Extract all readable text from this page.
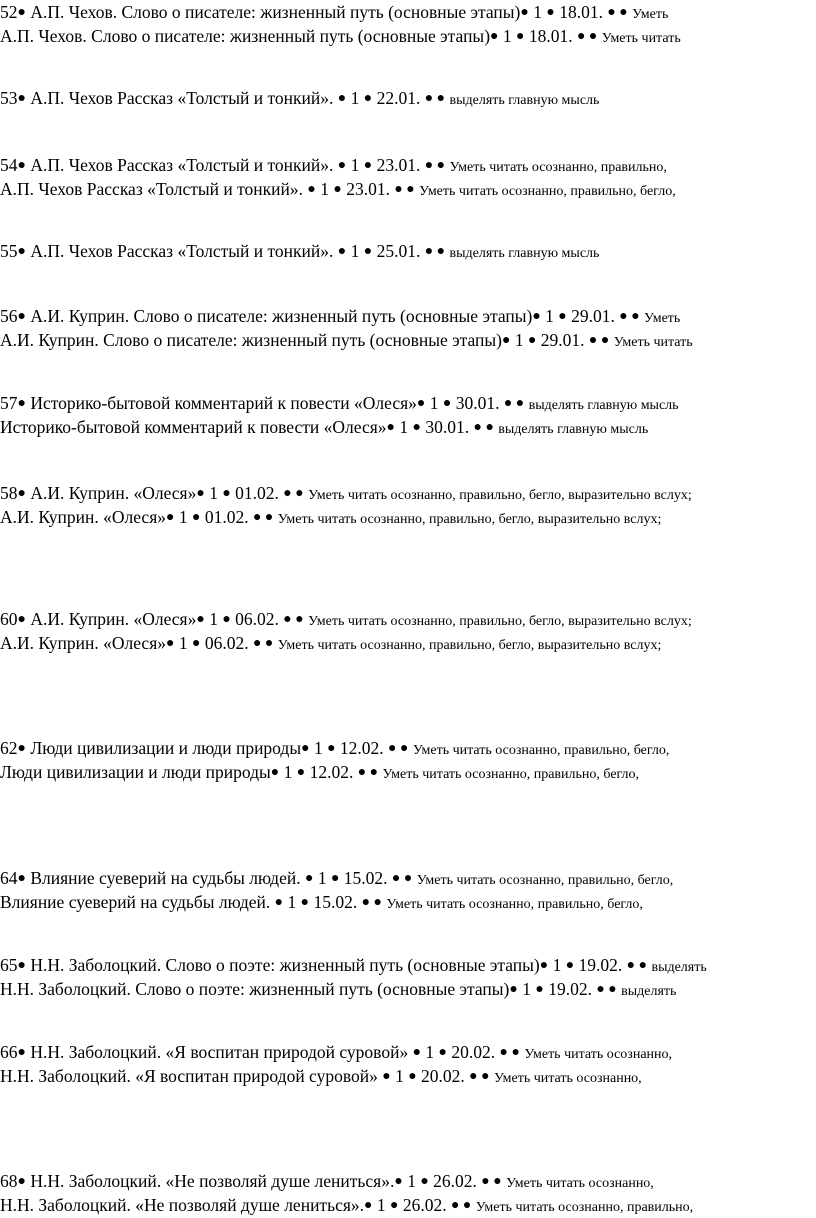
52● А.П. Чехов. Слово о писателе: жизненный путь (основные этапы)● 1 ● 18.01. ● ● Уметь
А.П. Чехов. Слово о писателе: жизненный путь (основные этапы)● 1 ● 18.01. ● ● Уметь читать
53● А.П. Чехов Рассказ «Толстый и тонкий». ● 1 ● 22.01. ● ● выделять главную мысль
54● А.П. Чехов Рассказ «Толстый и тонкий». ● 1 ● 23.01. ● ● Уметь читать осознанно, правильно,
А.П. Чехов Рассказ «Толстый и тонкий». ● 1 ● 23.01. ● ● Уметь читать осознанно, правильно, бегло,
55● А.П. Чехов Рассказ «Толстый и тонкий». ● 1 ● 25.01. ● ● выделять главную мысль
56● А.И. Куприн. Слово о писателе: жизненный путь (основные этапы)● 1 ● 29.01. ● ● Уметь
А.И. Куприн. Слово о писателе: жизненный путь (основные этапы)● 1 ● 29.01. ● ● Уметь читать
57● Историко-бытовой комментарий к повести «Олеся»● 1 ● 30.01. ● ● выделять главную мысль
Историко-бытовой комментарий к повести «Олеся»● 1 ● 30.01. ● ● выделять главную мысль
58● А.И. Куприн. «Олеся»● 1 ● 01.02. ● ● Уметь читать осознанно, правильно, бегло, выразительно вслух;
А.И. Куприн. «Олеся»● 1 ● 01.02. ● ● Уметь читать осознанно, правильно, бегло, выразительно вслух;
60● А.И. Куприн. «Олеся»● 1 ● 06.02. ● ● Уметь читать осознанно, правильно, бегло, выразительно вслух;
А.И. Куприн. «Олеся»● 1 ● 06.02. ● ● Уметь читать осознанно, правильно, бегло, выразительно вслух;
62● Люди цивилизации и люди природы● 1 ● 12.02. ● ● Уметь читать осознанно, правильно, бегло,
Люди цивилизации и люди природы● 1 ● 12.02. ● ● Уметь читать осознанно, правильно, бегло,
64● Влияние суеверий на судьбы людей. ● 1 ● 15.02. ● ● Уметь читать осознанно, правильно, бегло,
Влияние суеверий на судьбы людей. ● 1 ● 15.02. ● ● Уметь читать осознанно, правильно, бегло,
65● Н.Н. Заболоцкий. Слово о поэте: жизненный путь (основные этапы)● 1 ● 19.02. ● ● выделять
Н.Н. Заболоцкий. Слово о поэте: жизненный путь (основные этапы)● 1 ● 19.02. ● ● выделять
66● Н.Н. Заболоцкий. «Я воспитан природой суровой» ● 1 ● 20.02. ● ● Уметь читать осознанно,
Н.Н. Заболоцкий. «Я воспитан природой суровой» ● 1 ● 20.02. ● ● Уметь читать осознанно,
68● Н.Н. Заболоцкий. «Не позволяй душе лениться».● 1 ● 26.02. ● ● Уметь читать осознанно,
Н.Н. Заболоцкий. «Не позволяй душе лениться».● 1 ● 26.02. ● ● Уметь читать осознанно, правильно,
